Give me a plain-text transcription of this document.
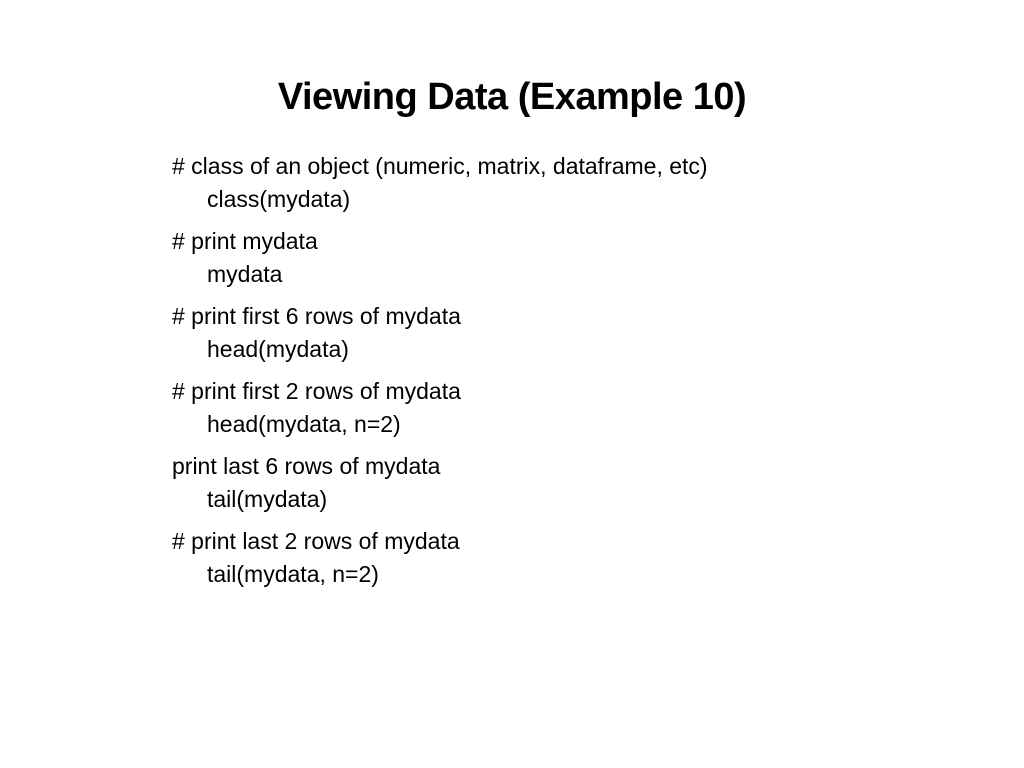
Viewing Data (Example 10)
# class of an object (numeric, matrix, dataframe, etc)
class(mydata)
# print mydata
mydata
# print first 6 rows of mydata
head(mydata)
# print first 2 rows of mydata
head(mydata, n=2)
print last 6 rows of mydata
tail(mydata)
# print last 2 rows of mydata
tail(mydata, n=2)
